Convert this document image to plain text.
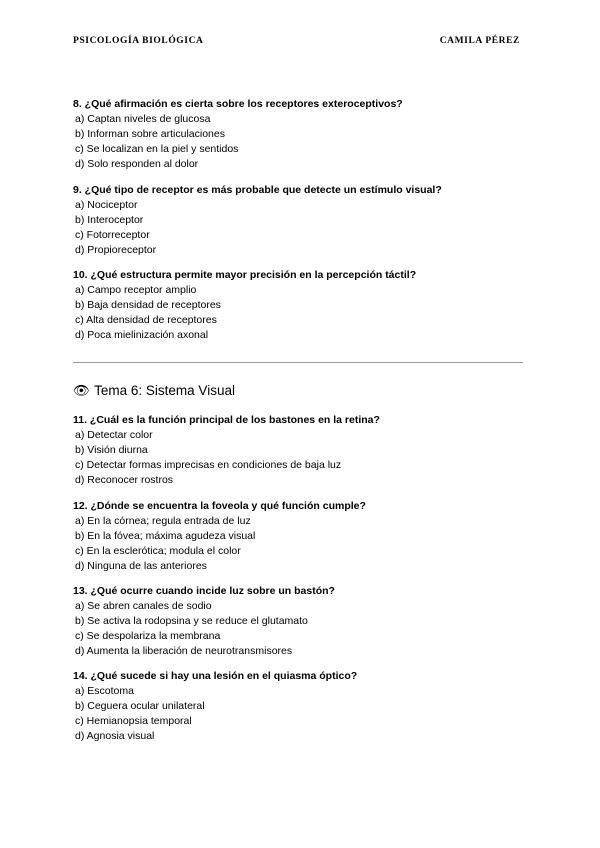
PSICOLOGÍA BIOLÓGICA	CAMILA PÉREZ
8. ¿Qué afirmación es cierta sobre los receptores exteroceptivos?
a) Captan niveles de glucosa
b) Informan sobre articulaciones
c) Se localizan en la piel y sentidos
d) Solo responden al dolor
9. ¿Qué tipo de receptor es más probable que detecte un estímulo visual?
a) Nociceptor
b) Interoceptor
c) Fotorreceptor
d) Propioreceptor
10. ¿Qué estructura permite mayor precisión en la percepción táctil?
a) Campo receptor amplio
b) Baja densidad de receptores
c) Alta densidad de receptores
d) Poca mielinización axonal
👁 Tema 6: Sistema Visual
11. ¿Cuál es la función principal de los bastones en la retina?
a) Detectar color
b) Visión diurna
c) Detectar formas imprecisas en condiciones de baja luz
d) Reconocer rostros
12. ¿Dónde se encuentra la foveola y qué función cumple?
a) En la córnea; regula entrada de luz
b) En la fóvea; máxima agudeza visual
c) En la esclerótica; modula el color
d) Ninguna de las anteriores
13. ¿Qué ocurre cuando incide luz sobre un bastón?
a) Se abren canales de sodio
b) Se activa la rodopsina y se reduce el glutamato
c) Se despolariza la membrana
d) Aumenta la liberación de neurotransmisores
14. ¿Qué sucede si hay una lesión en el quiasma óptico?
a) Escotoma
b) Ceguera ocular unilateral
c) Hemianopsia temporal
d) Agnosia visual
